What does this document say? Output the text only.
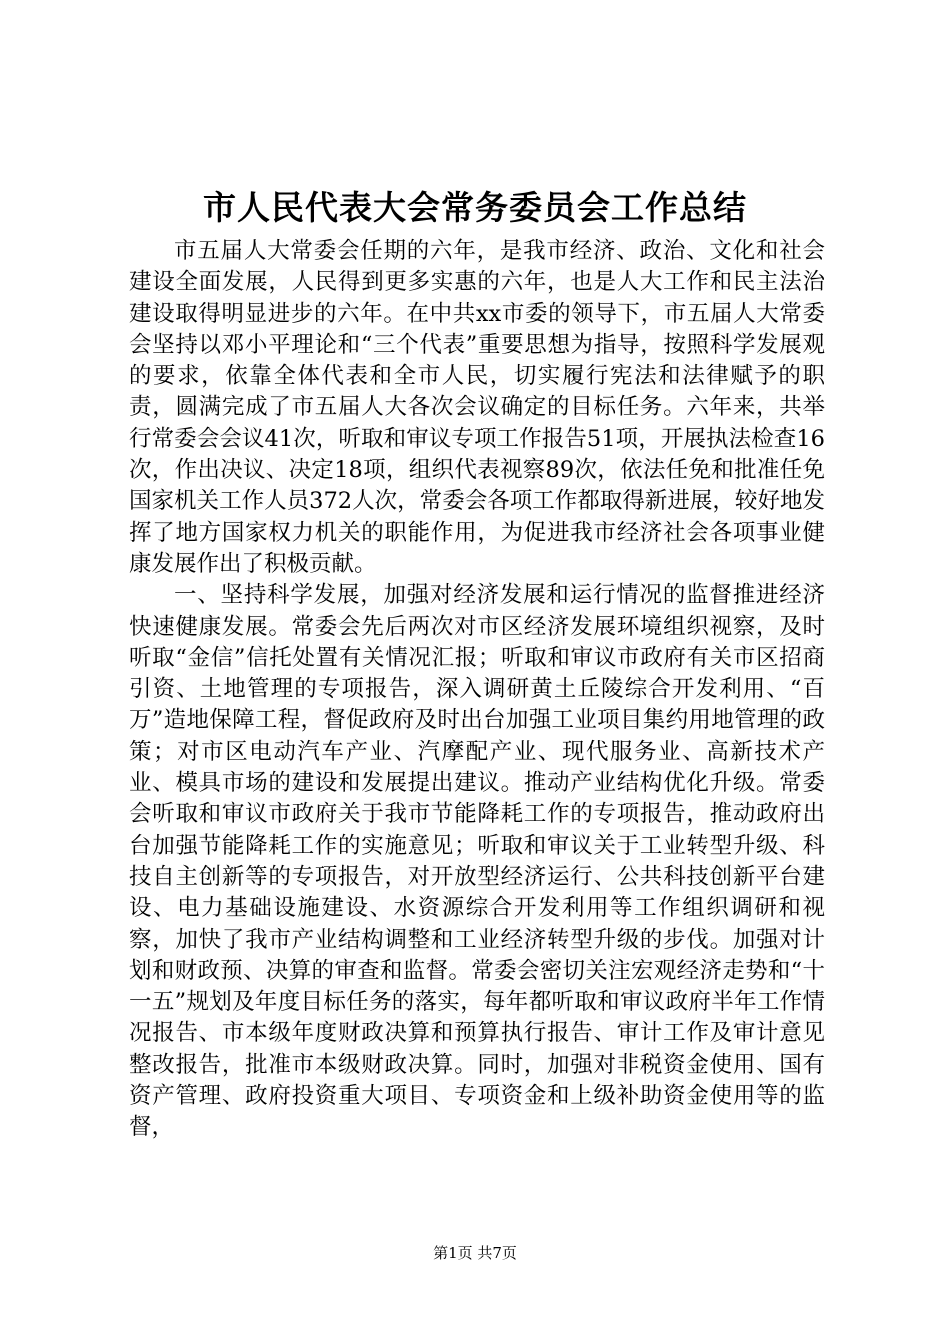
市人民代表大会常务委员会工作总结

市五届人大常委会任期的六年，是我市经济、政治、文化和社会建设全面发展，人民得到更多实惠的六年，也是人大工作和民主法治建设取得明显进步的六年。在中共xx市委的领导下，市五届人大常委会坚持以邓小平理论和“三个代表”重要思想为指导，按照科学发展观的要求，依靠全体代表和全市人民，切实履行宪法和法律赋予的职责，圆满完成了市五届人大各次会议确定的目标任务。六年来，共举行常委会会议41次，听取和审议专项工作报告51项，开展执法检查16次，作出决议、决定18项，组织代表视察89次，依法任免和批准任免国家机关工作人员372人次，常委会各项工作都取得新进展，较好地发挥了地方国家权力机关的职能作用，为促进我市经济社会各项事业健康发展作出了积极贡献。

一、坚持科学发展，加强对经济发展和运行情况的监督推进经济快速健康发展。常委会先后两次对市区经济发展环境组织视察，及时听取“金信”信托处置有关情况汇报；听取和审议市政府有关市区招商引资、土地管理的专项报告，深入调研黄土丘陵综合开发利用、“百万”造地保障工程，督促政府及时出台加强工业项目集约用地管理的政策；对市区电动汽车产业、汽摩配产业、现代服务业、高新技术产业、模具市场的建设和发展提出建议。推动产业结构优化升级。常委会听取和审议市政府关于我市节能降耗工作的专项报告，推动政府出台加强节能降耗工作的实施意见；听取和审议关于工业转型升级、科技自主创新等的专项报告，对开放型经济运行、公共科技创新平台建设、电力基础设施建设、水资源综合开发利用等工作组织调研和视察，加快了我市产业结构调整和工业经济转型升级的步伐。加强对计划和财政预、决算的审查和监督。常委会密切关注宏观经济走势和“十一五”规划及年度目标任务的落实，每年都听取和审议政府半年工作情况报告、市本级年度财政决算和预算执行报告、审计工作及审计意见整改报告，批准市本级财政决算。同时，加强对非税资金使用、国有资产管理、政府投资重大项目、专项资金和上级补助资金使用等的监督，

第1页 共7页
